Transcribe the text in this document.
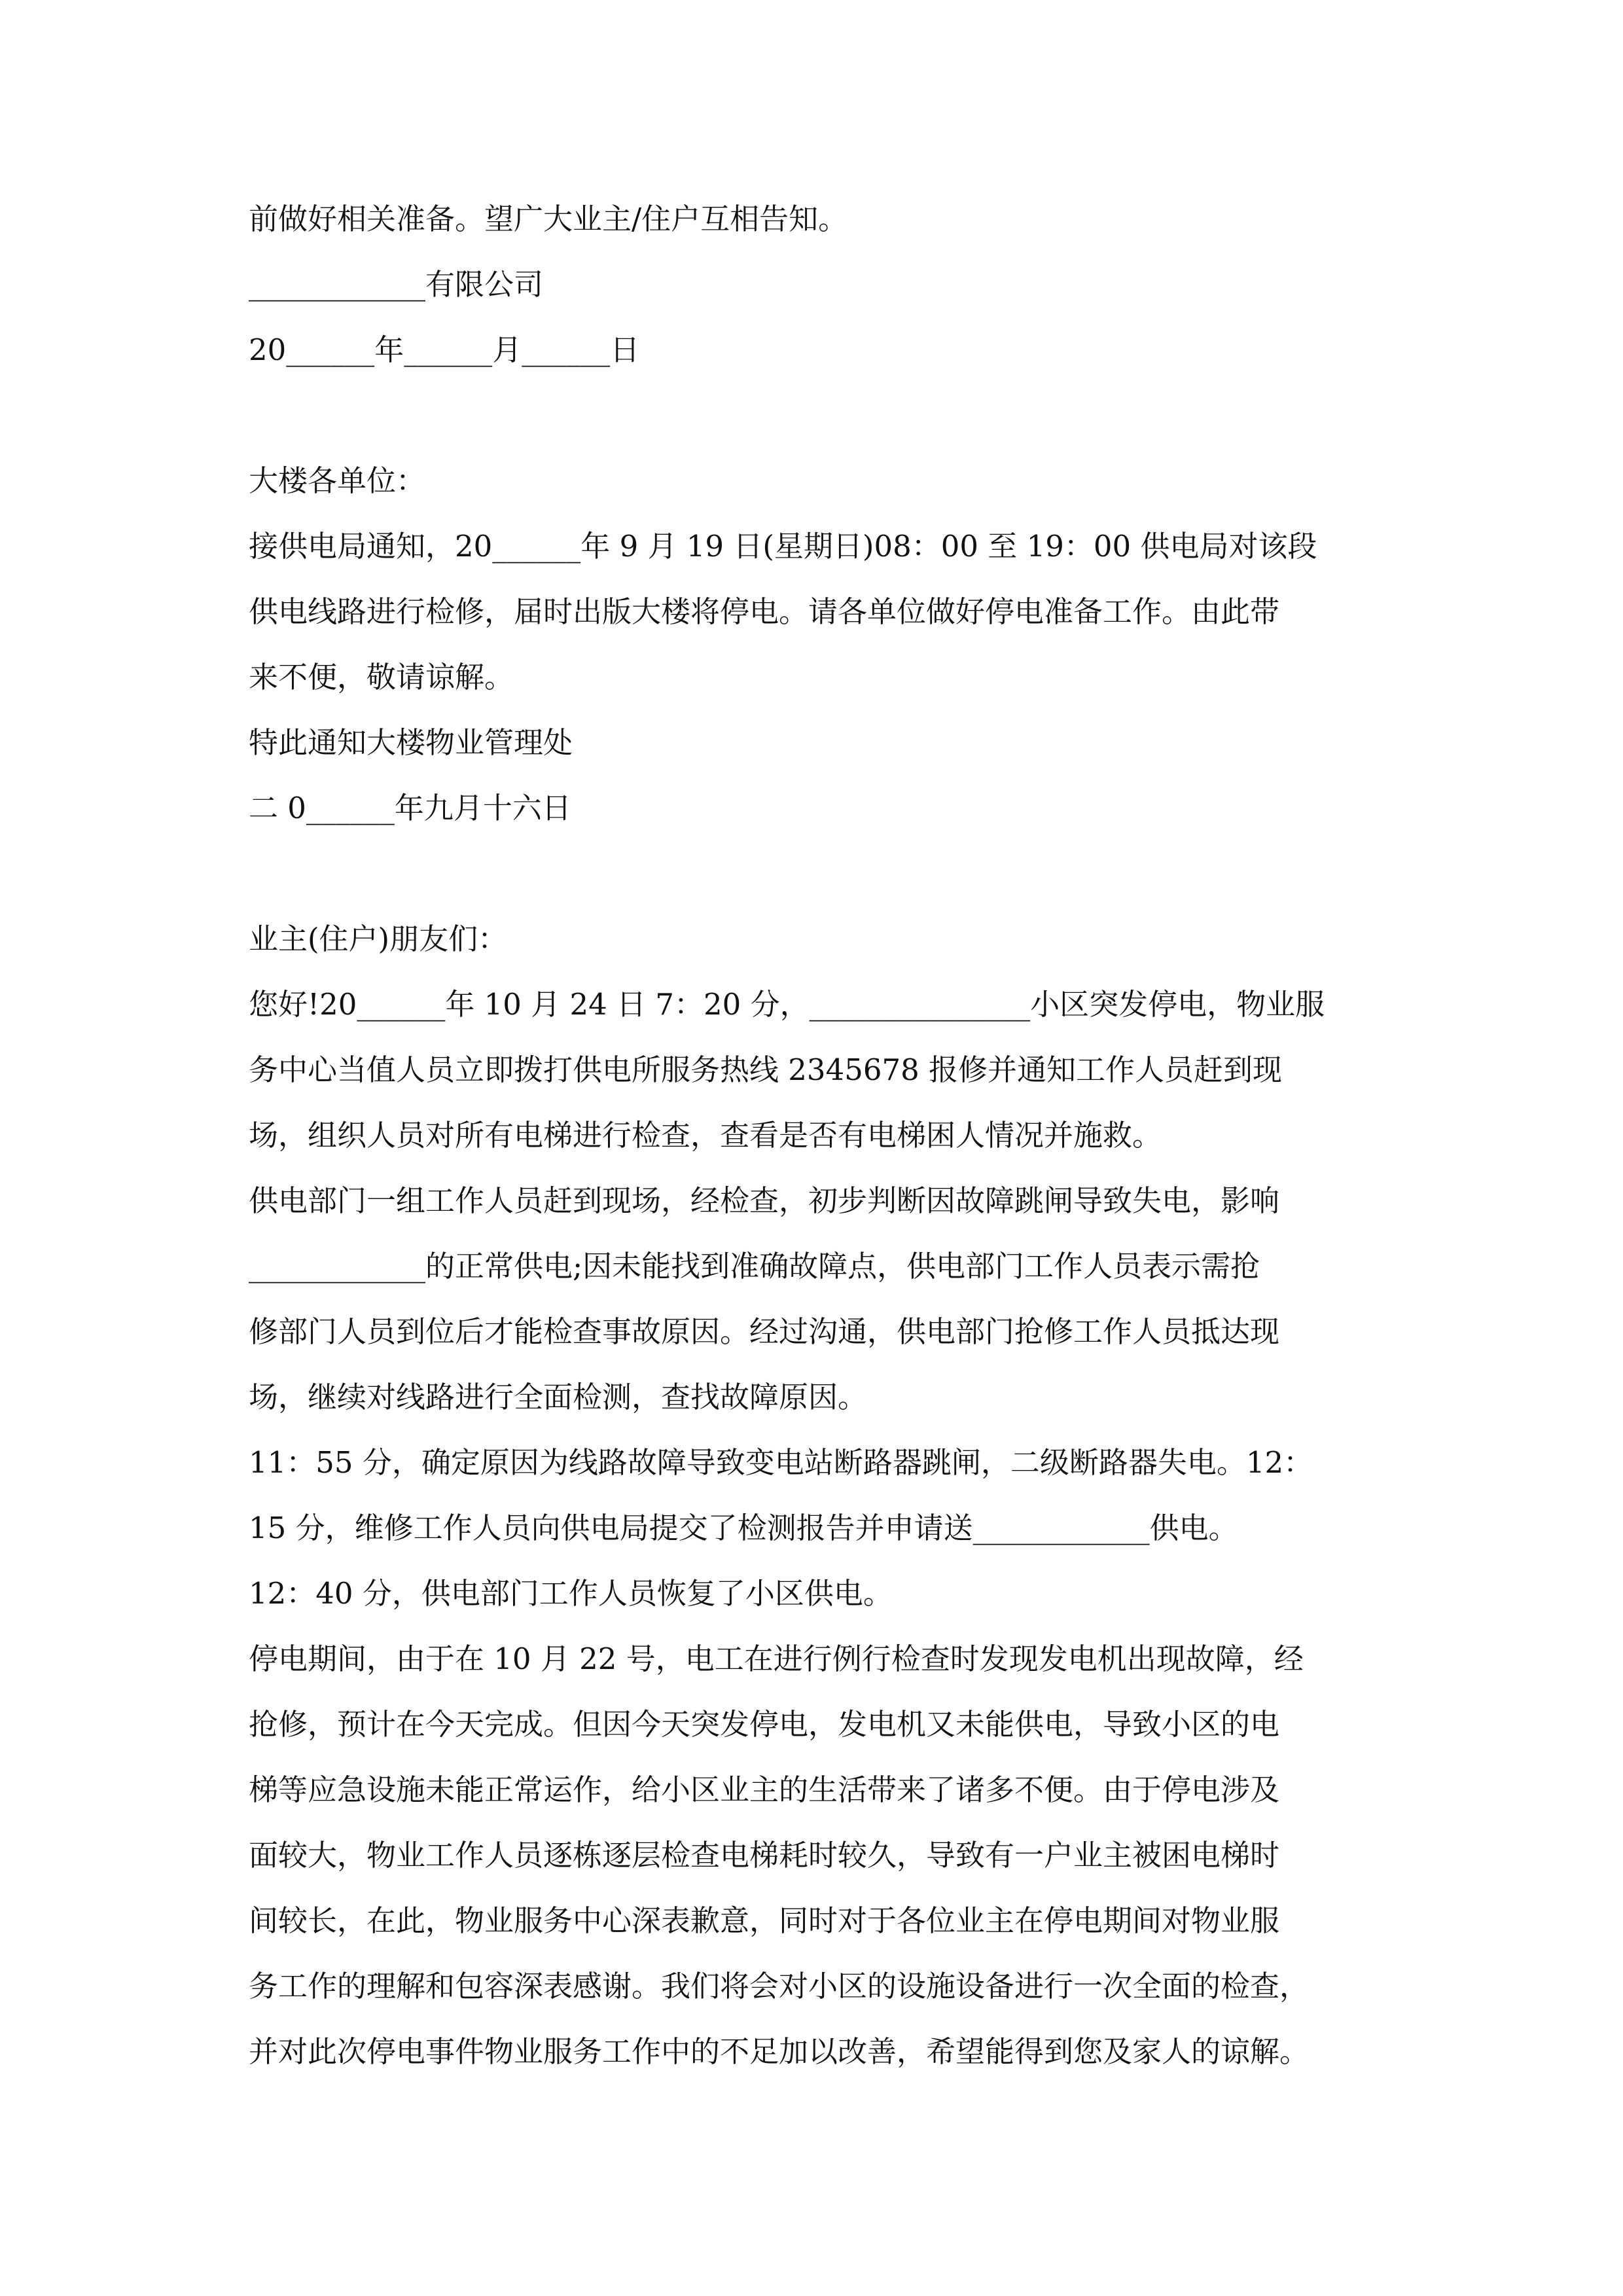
前做好相关准备。望广大业主/住户互相告知。
____________有限公司
20______年______月______日
大楼各单位：
接供电局通知，20______年 9 月 19 日(星期日)08：00 至 19：00 供电局对该段
供电线路进行检修，届时出版大楼将停电。请各单位做好停电准备工作。由此带
来不便，敬请谅解。
特此通知大楼物业管理处
二 0______年九月十六日
业主(住户)朋友们：
您好!20______年 10 月 24 日 7：20 分，_______________小区突发停电，物业服
务中心当值人员立即拨打供电所服务热线 2345678 报修并通知工作人员赶到现
场，组织人员对所有电梯进行检查，查看是否有电梯困人情况并施救。
供电部门一组工作人员赶到现场，经检查，初步判断因故障跳闸导致失电，影响
____________的正常供电;因未能找到准确故障点，供电部门工作人员表示需抢
修部门人员到位后才能检查事故原因。经过沟通，供电部门抢修工作人员抵达现
场，继续对线路进行全面检测，查找故障原因。
11：55 分，确定原因为线路故障导致变电站断路器跳闸，二级断路器失电。12：
15 分，维修工作人员向供电局提交了检测报告并申请送____________供电。
12：40 分，供电部门工作人员恢复了小区供电。
停电期间，由于在 10 月 22 号，电工在进行例行检查时发现发电机出现故障，经
抢修，预计在今天完成。但因今天突发停电，发电机又未能供电，导致小区的电
梯等应急设施未能正常运作，给小区业主的生活带来了诸多不便。由于停电涉及
面较大，物业工作人员逐栋逐层检查电梯耗时较久，导致有一户业主被困电梯时
间较长，在此，物业服务中心深表歉意，同时对于各位业主在停电期间对物业服
务工作的理解和包容深表感谢。我们将会对小区的设施设备进行一次全面的检查，
并对此次停电事件物业服务工作中的不足加以改善，希望能得到您及家人的谅解。
